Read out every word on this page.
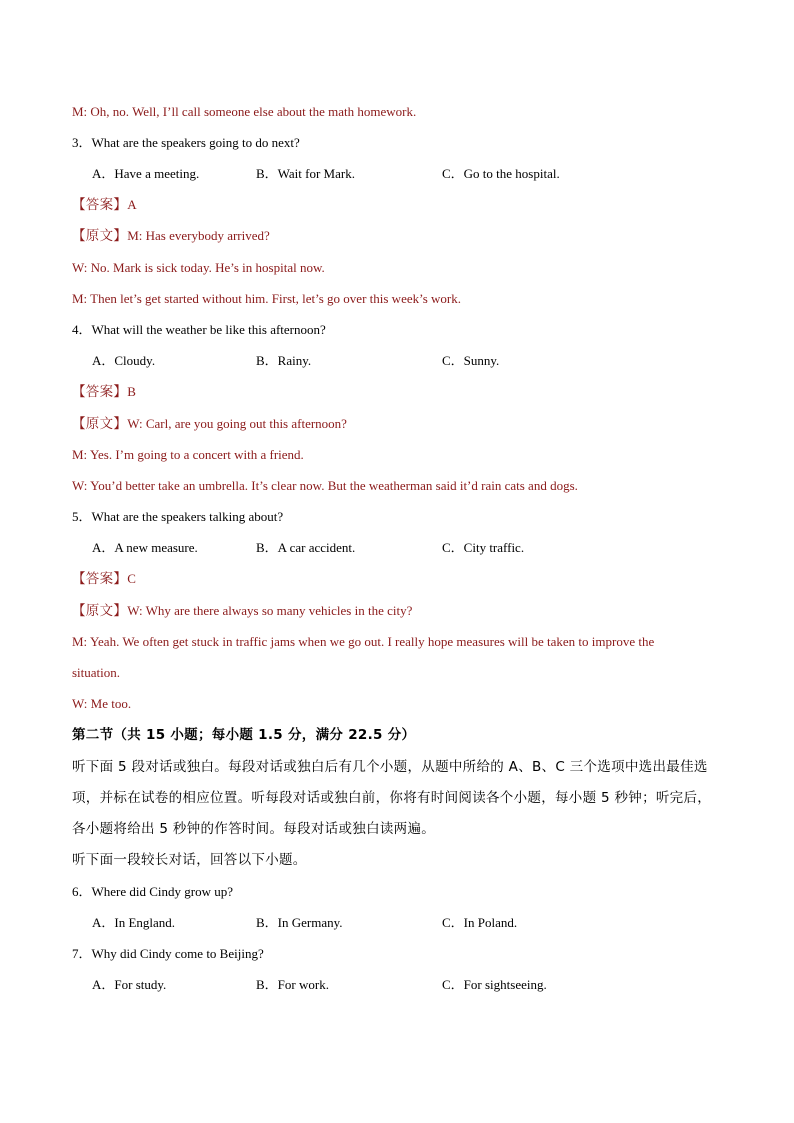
M: Oh, no. Well, I’ll call someone else about the math homework.
3．What are the speakers going to do next?
A．Have a meeting.	B．Wait for Mark.	C．Go to the hospital.
【答案】A
【原文】M: Has everybody arrived?
W: No. Mark is sick today. He’s in hospital now.
M: Then let’s get started without him. First, let’s go over this week’s work.
4．What will the weather be like this afternoon?
A．Cloudy.	B．Rainy.	C．Sunny.
【答案】B
【原文】W: Carl, are you going out this afternoon?
M: Yes. I’m going to a concert with a friend.
W: You’d better take an umbrella. It’s clear now. But the weatherman said it’d rain cats and dogs.
5．What are the speakers talking about?
A．A new measure.	B．A car accident.	C．City traffic.
【答案】C
【原文】W: Why are there always so many vehicles in the city?
M: Yeah. We often get stuck in traffic jams when we go out. I really hope measures will be taken to improve the
situation.
W: Me too.
第二节（共 15 小题；每小题 1.5 分，满分 22.5 分）
听下面 5 段对话或独白。每段对话或独白后有几个小题，从题中所给的 A、B、C 三个选项中选出最佳选
项，并标在试卷的相应位置。听每段对话或独白前，你将有时间阅读各个小题，每小题 5 秒钟；听完后，
各小题将给出 5 秒钟的作答时间。每段对话或独白读两遍。
听下面一段较长对话，回答以下小题。
6．Where did Cindy grow up?
A．In England.	B．In Germany.	C．In Poland.
7．Why did Cindy come to Beijing?
A．For study.	B．For work.	C．For sightseeing.
